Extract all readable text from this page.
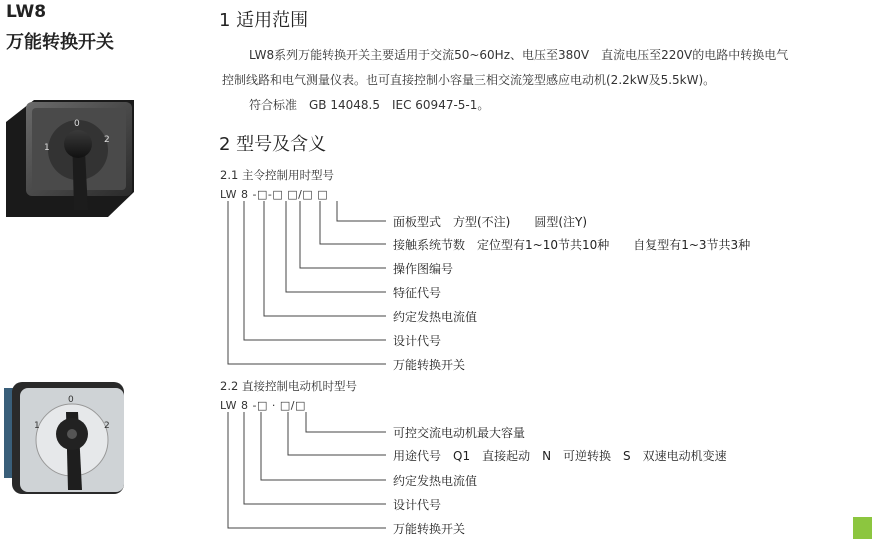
LW8
万能转换开关
0
1
2
0
1	2
1 适用范围
LW8系列万能转换开关主要适用于交流50~60Hz、电压至380V　直流电压至220V的电路中转换电气
控制线路和电气测量仪表。也可直接控制小容量三相交流笼型感应电动机(2.2kW及5.5kW)。
符合标准　GB 14048.5　IEC 60947-5-1。
2 型号及含义
2.1 主令控制用时型号
LW 8 -□-□ □/□ □
面板型式　方型(不注)　　圆型(注Y)
接触系统节数　定位型有1~10节共10种　　自复型有1~3节共3种
操作图编号
特征代号
约定发热电流值
设计代号
万能转换开关
2.2 直接控制电动机时型号
LW 8 -□ · □/□
可控交流电动机最大容量
用途代号　Q1　直接起动　N　可逆转换　S　双速电动机变速
约定发热电流值
设计代号
万能转换开关
